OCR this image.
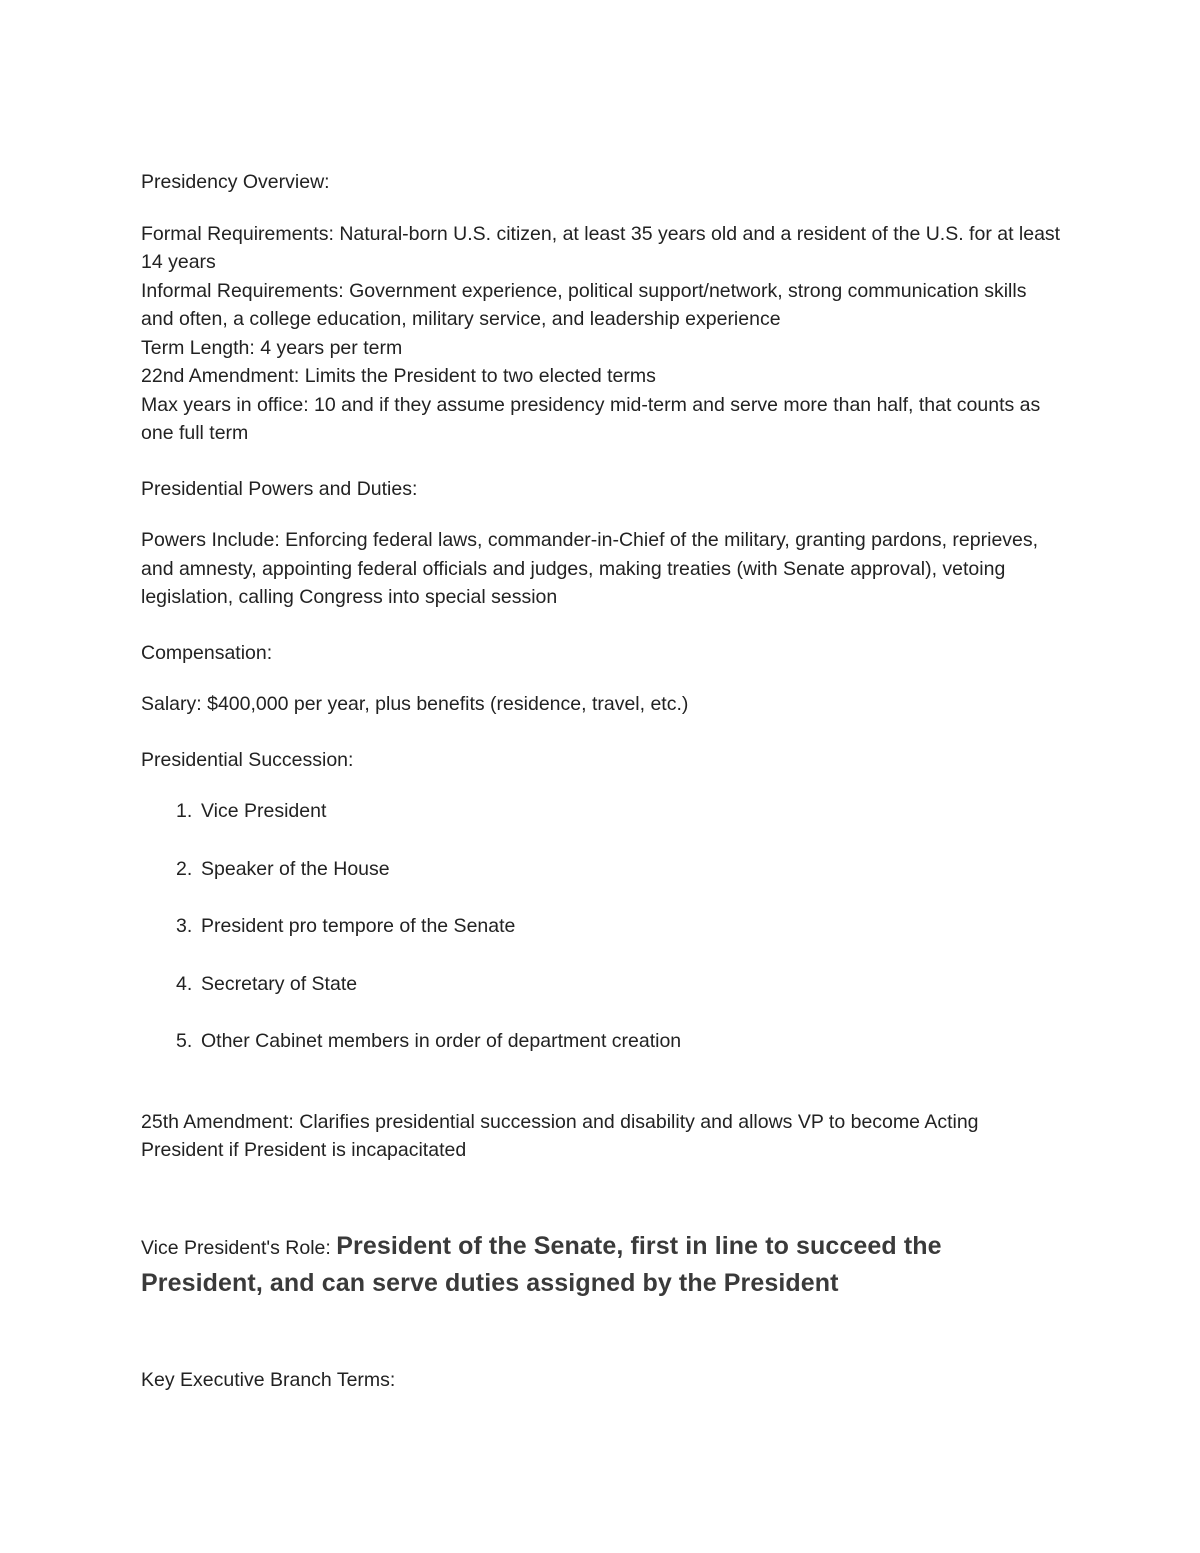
Presidency Overview:

Formal Requirements: Natural-born U.S. citizen, at least 35 years old and a resident of the U.S. for at least 14 years

Informal Requirements: Government experience, political support/network, strong communication skills and often, a college education, military service, and leadership experience

Term Length: 4 years per term

22nd Amendment: Limits the President to two elected terms

Max years in office: 10 and if they assume presidency mid-term and serve more than half, that counts as one full term

Presidential Powers and Duties:

Powers Include: Enforcing federal laws, commander-in-Chief of the military, granting pardons, reprieves, and amnesty, appointing federal officials and judges, making treaties (with Senate approval), vetoing legislation, calling Congress into special session

Compensation:

Salary: $400,000 per year, plus benefits (residence, travel, etc.)

Presidential Succession:

1. Vice President
2. Speaker of the House
3. President pro tempore of the Senate
4. Secretary of State
5. Other Cabinet members in order of department creation

25th Amendment: Clarifies presidential succession and disability and allows VP to become Acting President if President is incapacitated

Vice President's Role: President of the Senate, first in line to succeed the President, and can serve duties assigned by the President

Key Executive Branch Terms:
